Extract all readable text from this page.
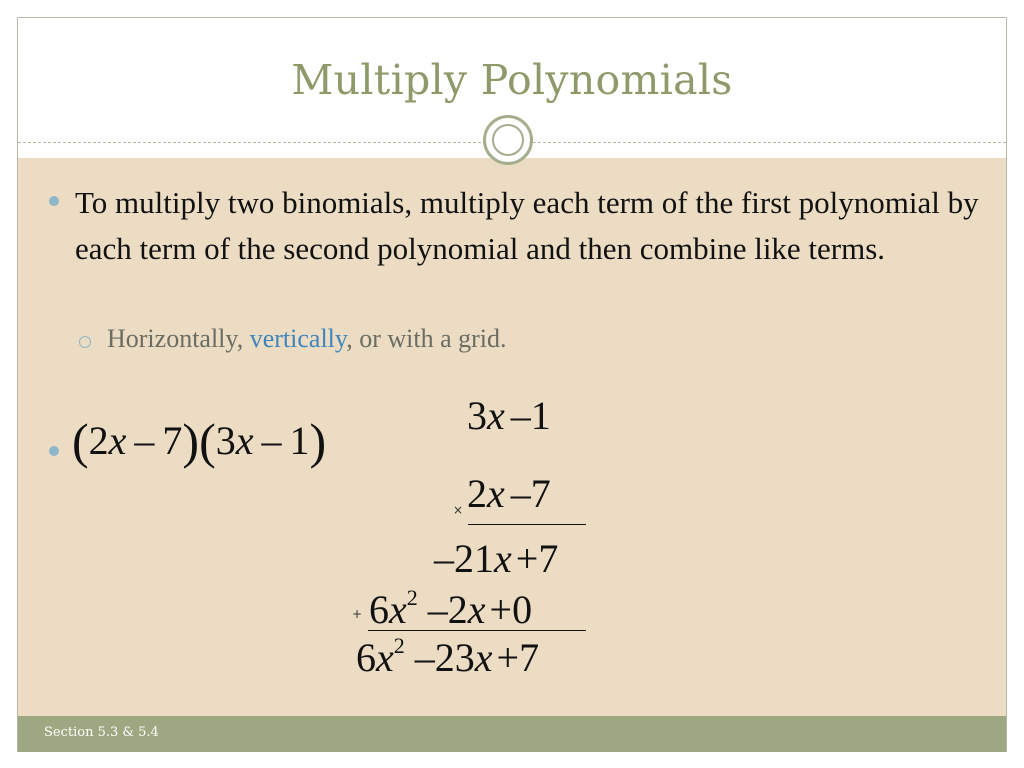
Multiply Polynomials
Section 5.3 & 5.4
To multiply two binomials, multiply each term of the first polynomial by each term of the second polynomial and then combine like terms.
Horizontally, vertically, or with a grid.
(2x – 7)(3x – 1)	3x –1
× 2x –7
–21x +7
+ $6x^2$ –2x +0
$6x^2$ –23x +7
